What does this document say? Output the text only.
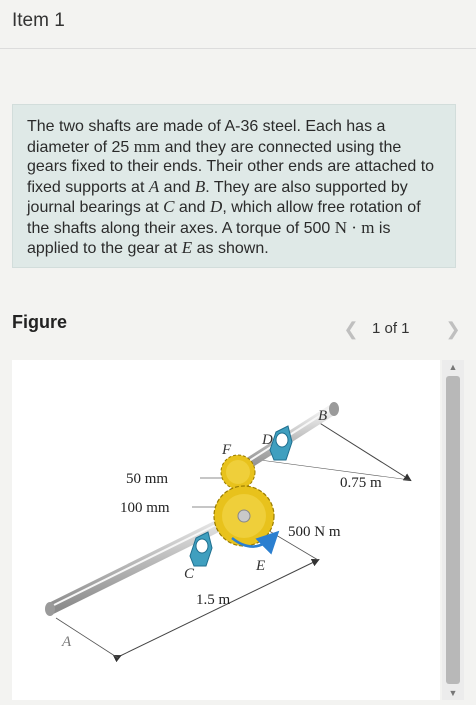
Item 1

The two shafts are made of A-36 steel. Each has a diameter of 25 mm and they are connected using the gears fixed to their ends. Their other ends are attached to fixed supports at A and B. They are also supported by journal bearings at C and D, which allow free rotation of the shafts along their axes. A torque of 500 N · m is applied to the gear at E as shown.

Figure	❮ 1 of 1 ❯
A
B
C
D
E
F
50 mm
100 mm
0.75 m
500 N m
1.5 m
▲
▼
